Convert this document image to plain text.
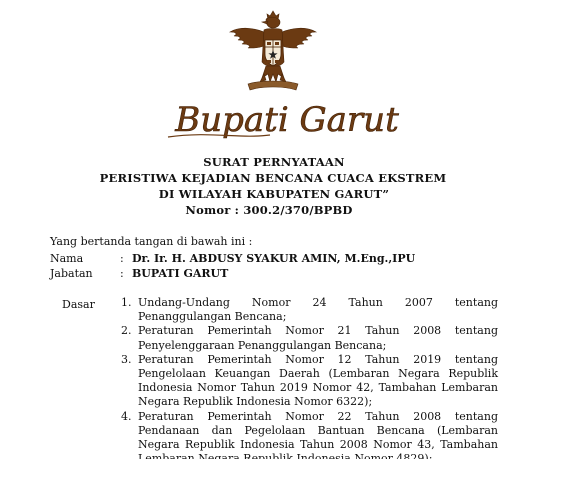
Bupati Garut
SURAT PERNYATAAN
PERISTIWA KEJADIAN BENCANA CUACA EKSTREM
DI WILAYAH KABUPATEN GARUT”
Nomor : 300.2/370/BPBD
Yang bertanda tangan di bawah ini :
Nama	: Dr. Ir. H. ABDUSY SYAKUR AMIN, M.Eng.,IPU
Jabatan : BUPATI GARUT
Dasar 1. Undang-Undang Nomor 24 Tahun 2007 tentang Penanggulangan Bencana;
2. Peraturan Pemerintah Nomor 21 Tahun 2008 tentang Penyelenggaraan Penanggulangan Bencana;
3. Peraturan Pemerintah Nomor 12 Tahun 2019 tentang Pengelolaan Keuangan Daerah (Lembaran Negara Republik Indonesia Nomor Tahun 2019 Nomor 42, Tambahan Lembaran Negara Republik Indonesia Nomor 6322);
4. Peraturan Pemerintah Nomor 22 Tahun 2008 tentang Pendanaan dan Pegelolaan Bantuan Bencana (Lembaran Negara Republik Indonesia Tahun 2008 Nomor 43, Tambahan
